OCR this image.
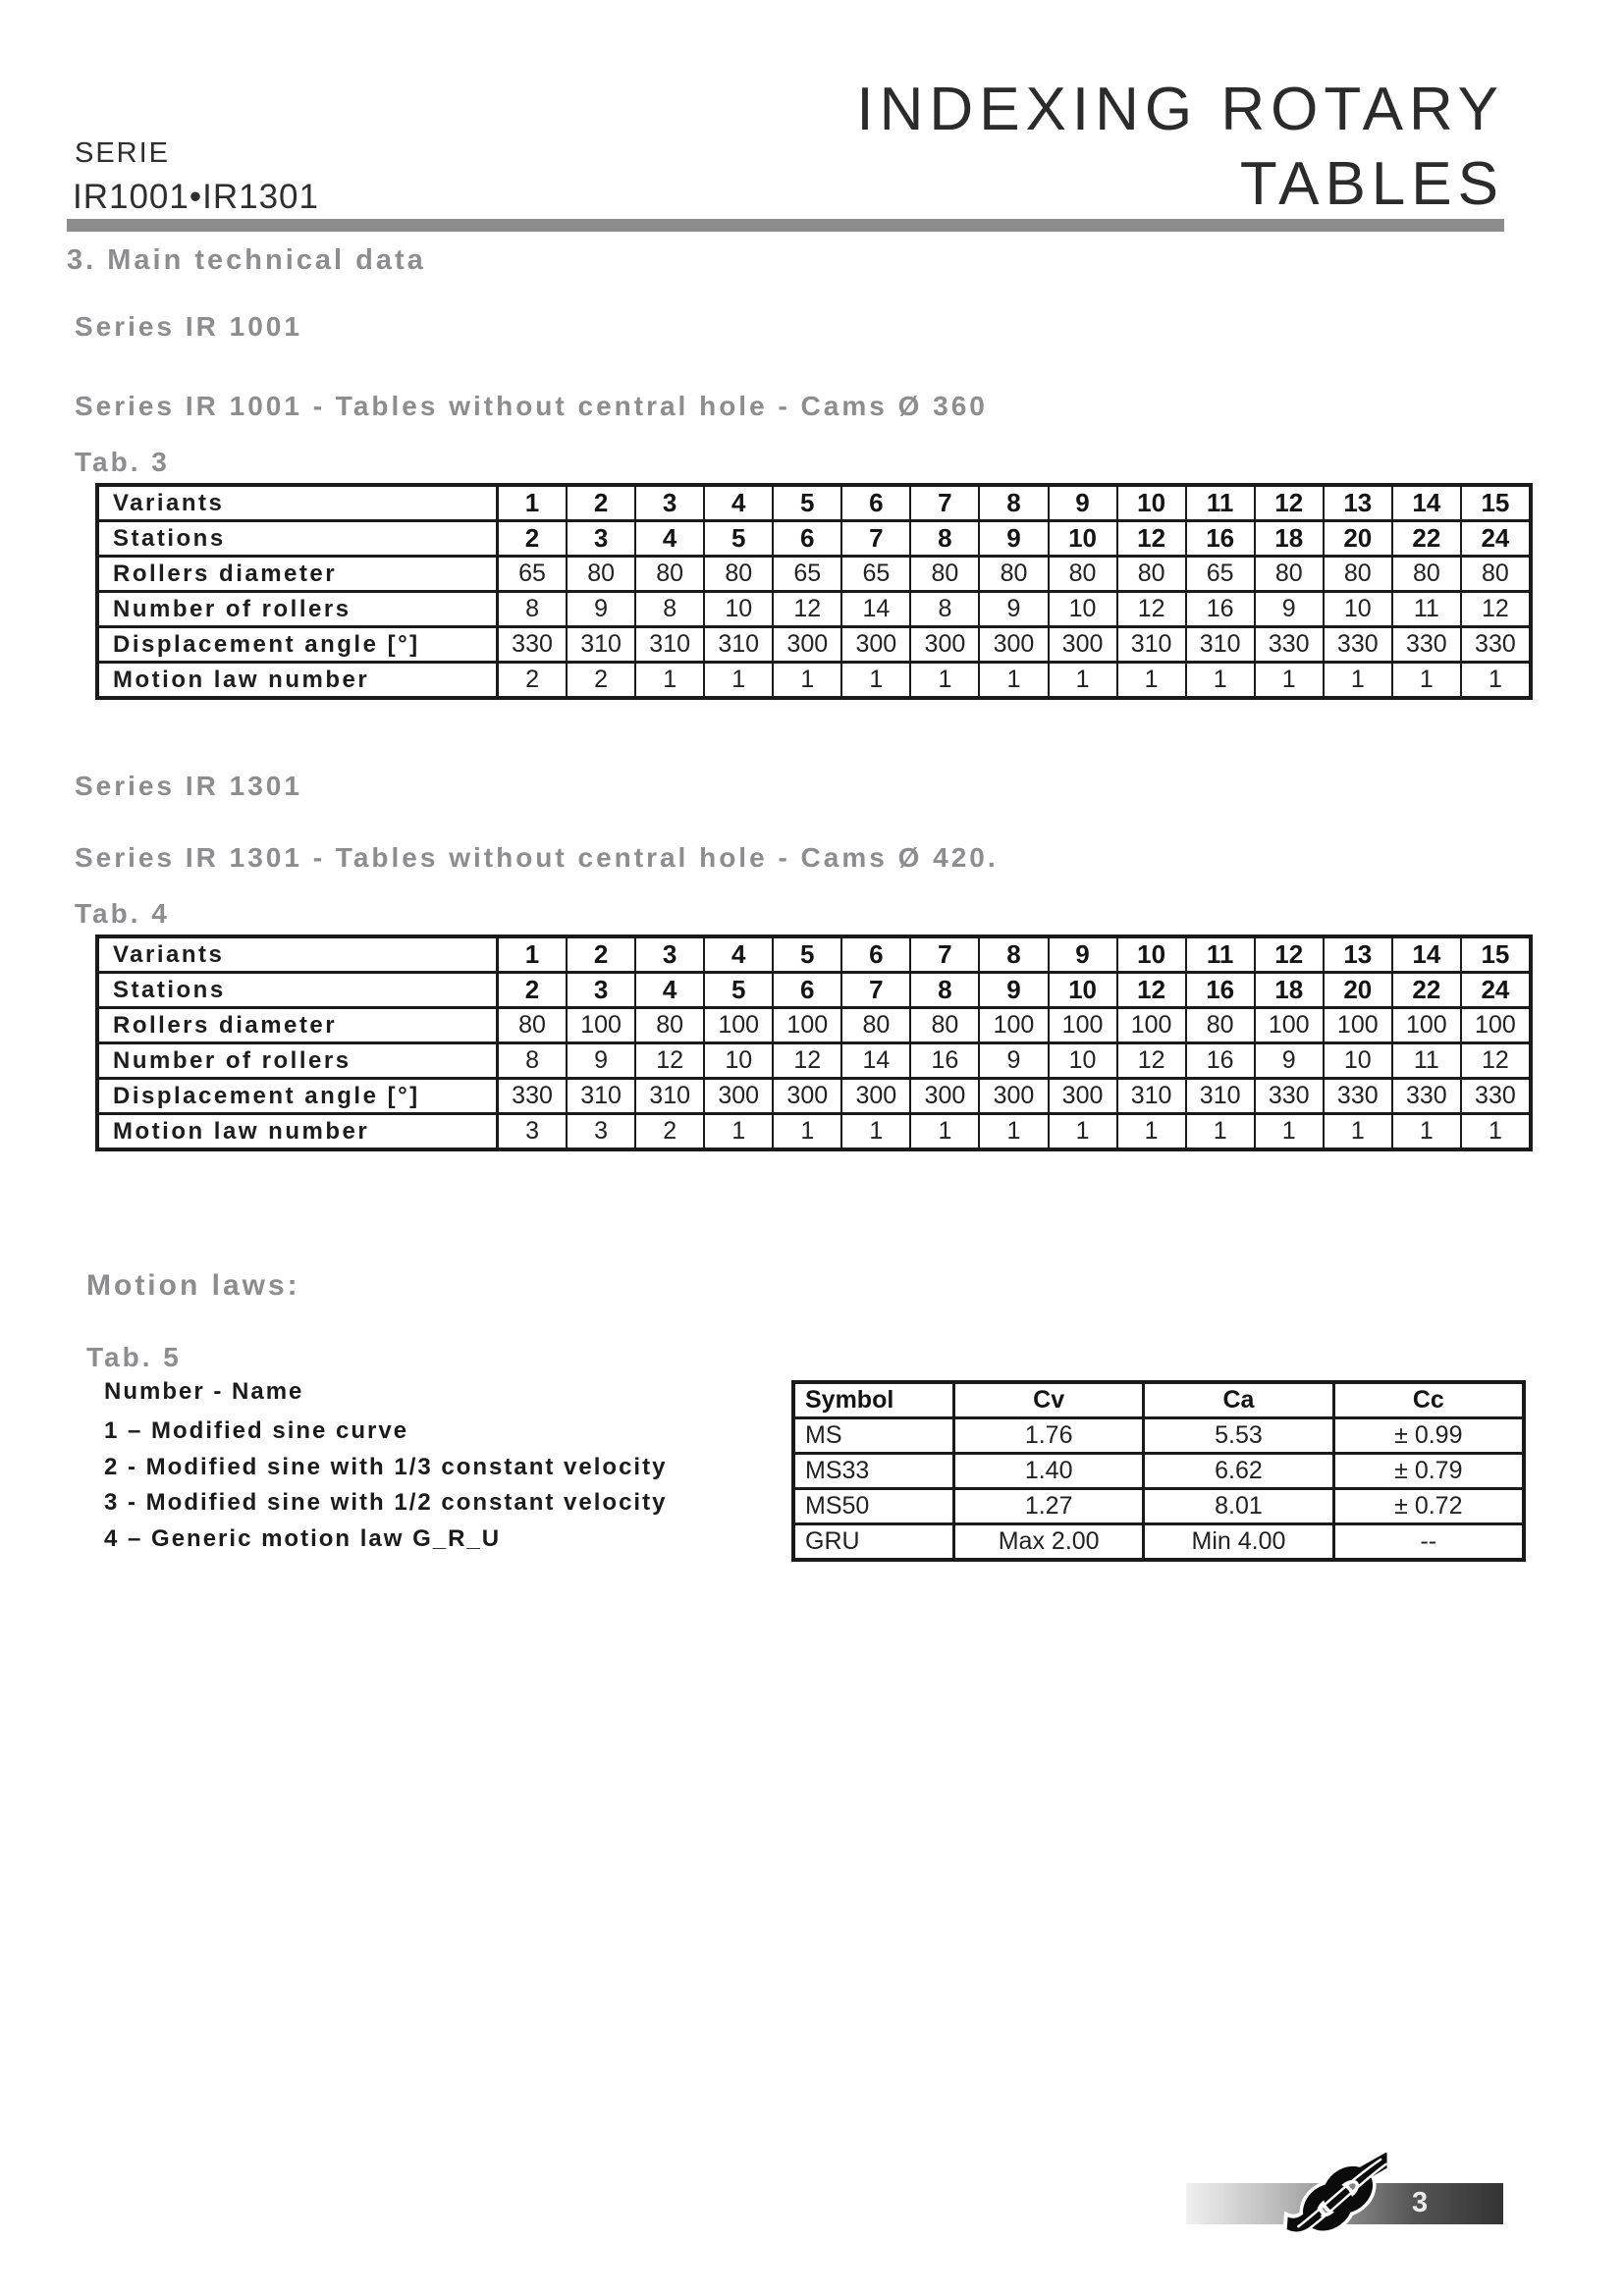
SERIE
IR1001•IR1301
INDEXING ROTARY
TABLES
3. Main technical data
Series IR 1001
Series IR 1001 - Tables without central hole - Cams Ø 360
Tab. 3
Variants	1	2	3	4	5	6	7	8	9	10	11	12	13	14	15
Stations	2	3	4	5	6	7	8	9	10	12	16	18	20	22	24
Rollers diameter	65	80	80	80	65	65	80	80	80	80	65	80	80	80	80
Number of rollers	8	9	8	10	12	14	8	9	10	12	16	9	10	11	12
Displacement angle [°]	330	310	310	310	300	300	300	300	300	310	310	330	330	330	330
Motion law number	2	2	1	1	1	1	1	1	1	1	1	1	1	1	1
Series IR 1301
Series IR 1301 - Tables without central hole - Cams Ø 420.
Tab. 4
Variants	1	2	3	4	5	6	7	8	9	10	11	12	13	14	15
Stations	2	3	4	5	6	7	8	9	10	12	16	18	20	22	24
Rollers diameter	80	100	80	100	100	80	80	100	100	100	80	100	100	100	100
Number of rollers	8	9	12	10	12	14	16	9	10	12	16	9	10	11	12
Displacement angle [°]	330	310	310	300	300	300	300	300	300	310	310	330	330	330	330
Motion law number	3	3	2	1	1	1	1	1	1	1	1	1	1	1	1
Motion laws:
Tab. 5
Number - Name
1 – Modified sine curve
2 - Modified sine with 1/3 constant velocity
3 - Modified sine with 1/2 constant velocity
4 – Generic motion law G_R_U
Symbol	Cv	Ca	Cc
MS	1.76	5.53	± 0.99
MS33	1.40	6.62	± 0.79
MS50	1.27	8.01	± 0.72
GRU	Max 2.00	Min 4.00	--
3
